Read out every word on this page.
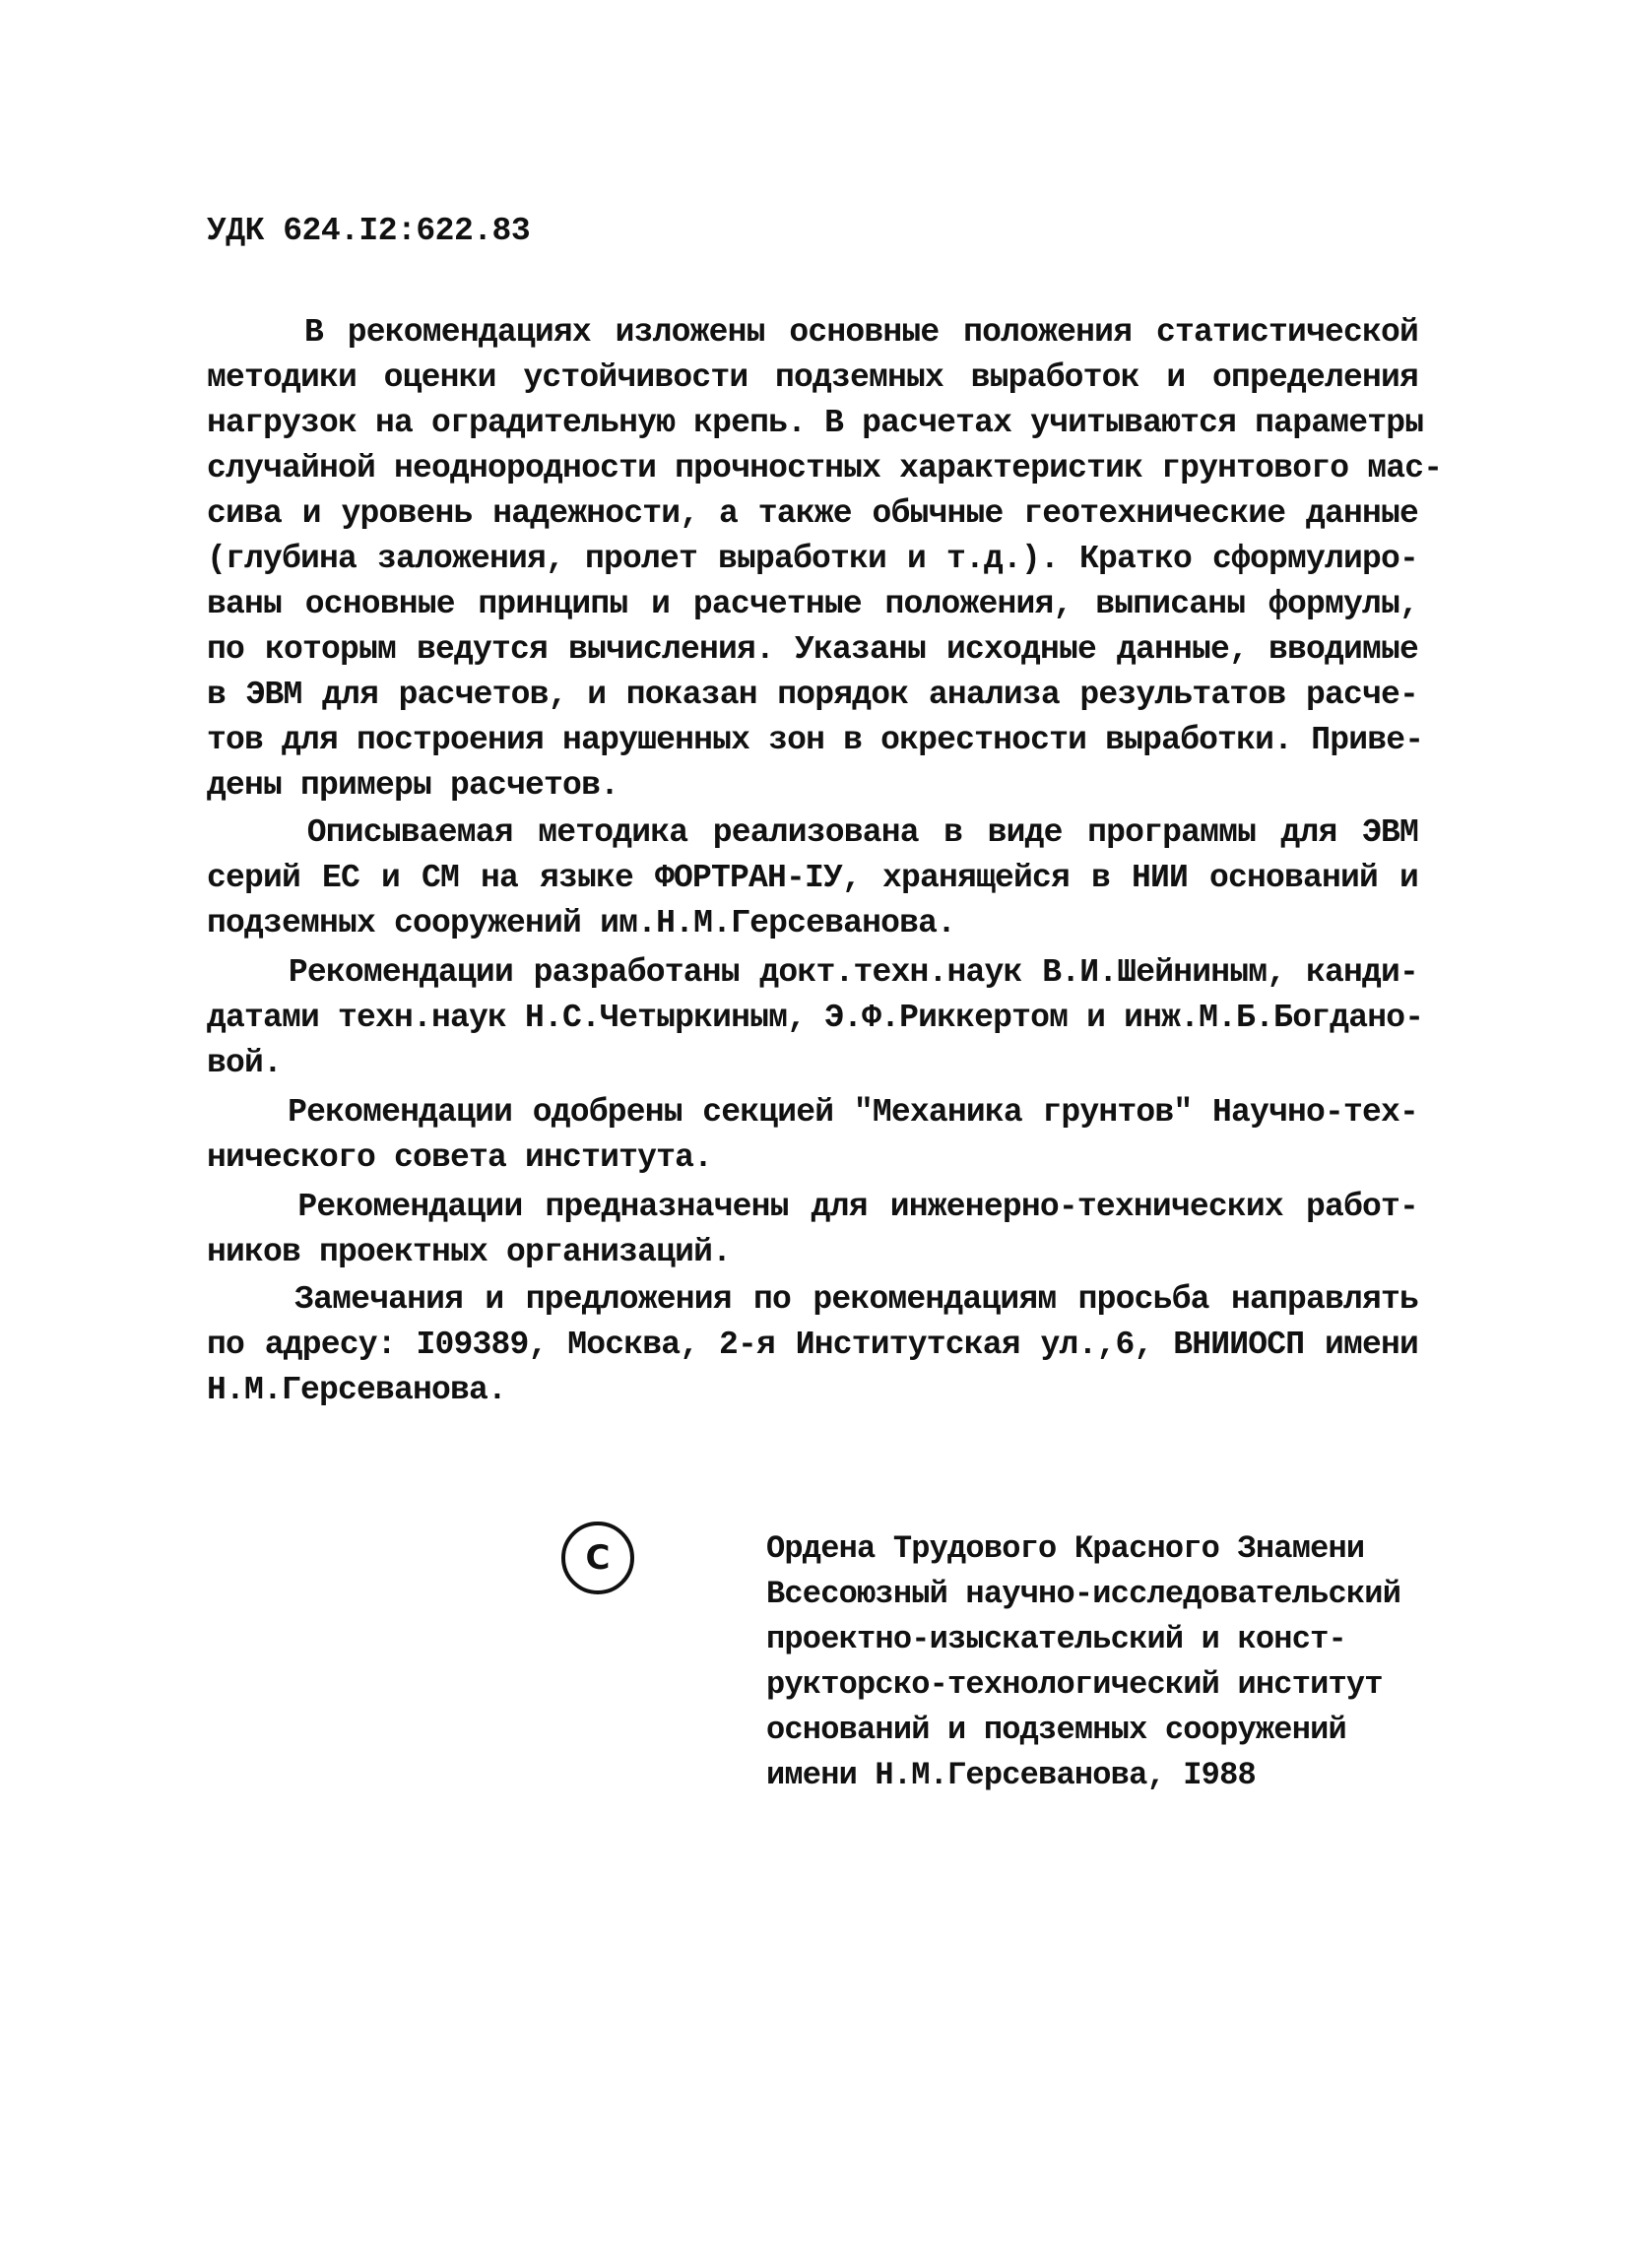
УДК 624.I2:622.83
В рекомендациях изложены основные положения статистической
методики оценки устойчивости подземных выработок и определения
нагрузок на оградительную крепь. В расчетах учитываются параметры
случайной неоднородности прочностных характеристик грунтового мас-
сива и уровень надежности, а также обычные геотехнические данные
(глубина заложения, пролет выработки и т.д.). Кратко сформулиро-
ваны основные принципы и расчетные положения, выписаны формулы,
по которым ведутся вычисления. Указаны исходные данные, вводимые
в ЭВМ для расчетов, и показан порядок анализа результатов расче-
тов для построения нарушенных зон в окрестности выработки. Приве-
дены примеры расчетов.
Описываемая методика реализована в виде программы для ЭВМ
серий ЕС и СМ на языке ФОРТРАН-IУ, хранящейся в НИИ оснований и
подземных сооружений им.Н.М.Герсеванова.
Рекомендации разработаны докт.техн.наук В.И.Шейниным, канди-
датами техн.наук Н.С.Четыркиным, Э.Ф.Риккертом и инж.М.Б.Богдано-
вой.
Рекомендации одобрены секцией "Механика грунтов" Научно-тех-
нического совета института.
Рекомендации предназначены для инженерно-технических работ-
ников проектных организаций.
Замечания и предложения по рекомендациям просьба направлять
по адресу: I09389, Москва, 2-я Институтская ул.,6, ВНИИОСП имени
Н.М.Герсеванова.
C	Ордена Трудового Красного Знамени
Всесоюзный научно-исследовательский
проектно-изыскательский и конст-
рукторско-технологический институт
оснований и подземных сооружений
имени Н.М.Герсеванова, I988
